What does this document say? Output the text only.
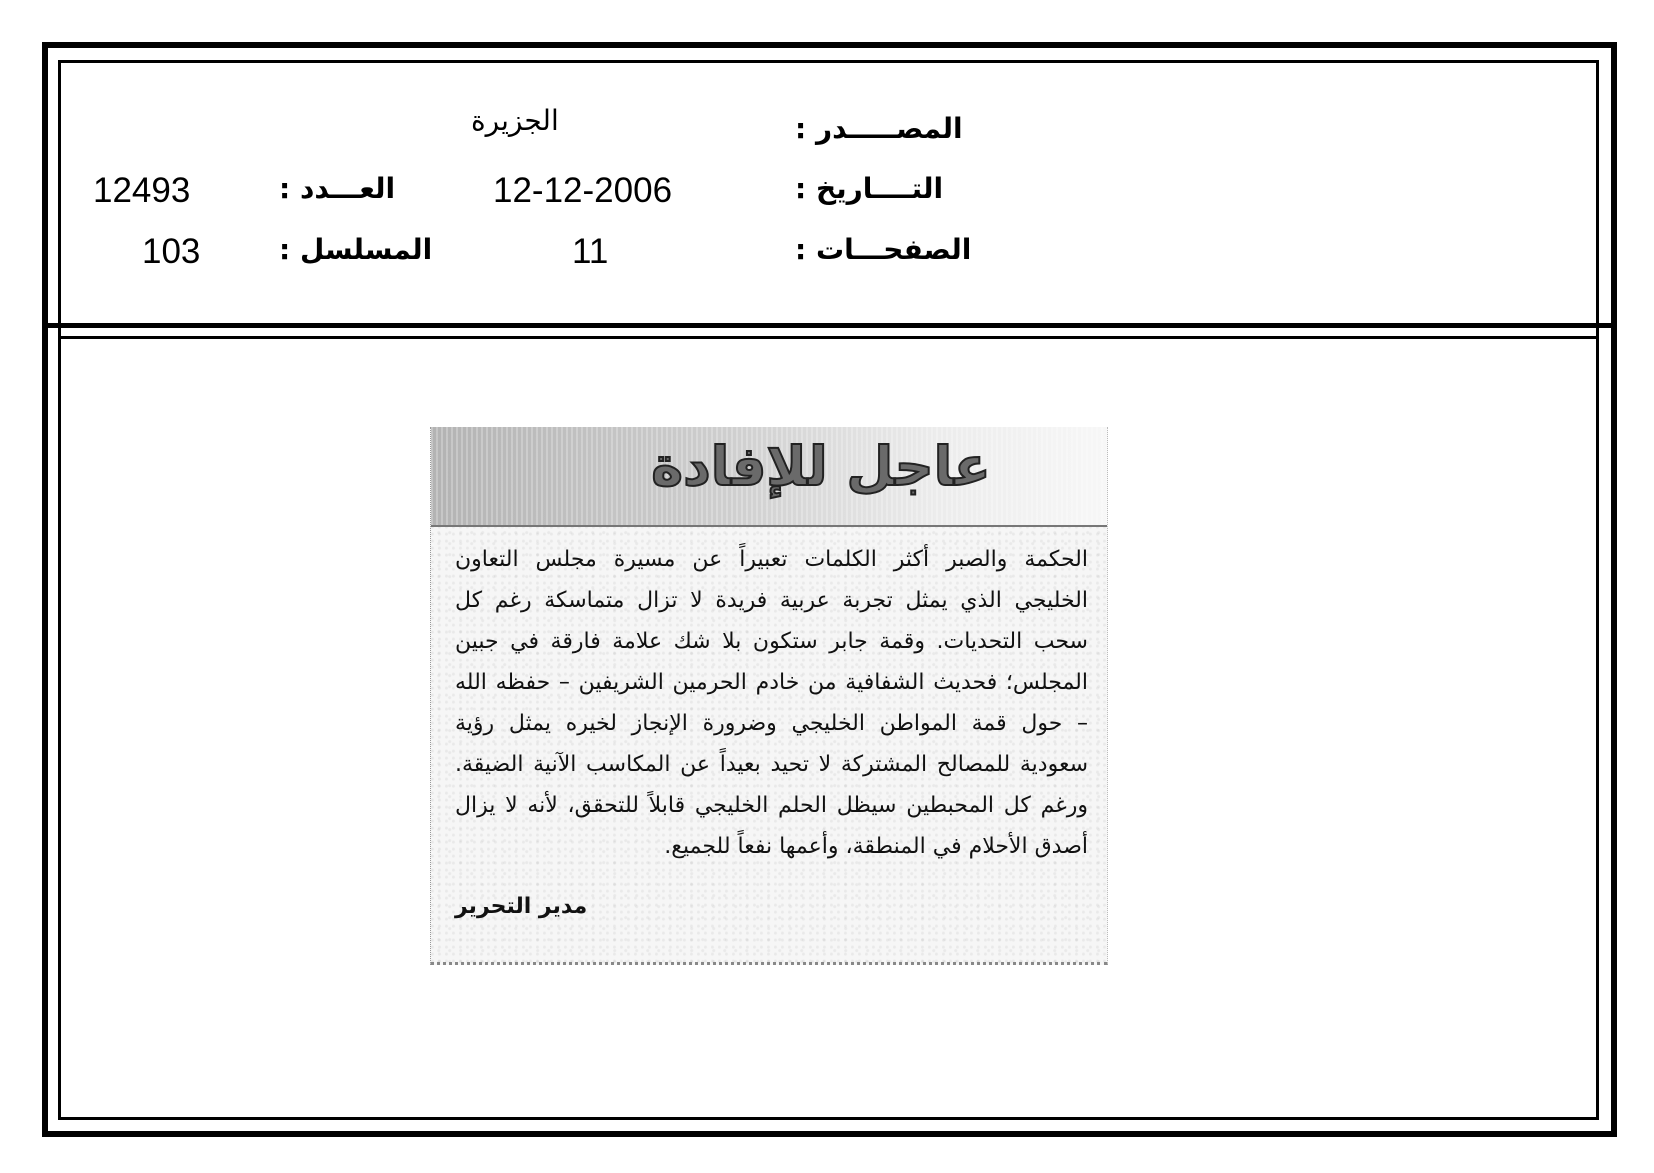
المصـــــدر :
الجزيرة
التــــاريخ :
12-12-2006
العـــدد :
12493
الصفحـــات :
11
المسلسل :
103
عاجل للإفادة
الحكمة والصبر أكثر الكلمات تعبيراً عن مسيرة مجلس التعاون الخليجي الذي يمثل تجربة عربية فريدة لا تزال متماسكة رغم كل سحب التحديات. وقمة جابر ستكون بلا شك علامة فارقة في جبين المجلس؛ فحديث الشفافية من خادم الحرمين الشريفين – حفظه الله – حول قمة المواطن الخليجي وضرورة الإنجاز لخيره يمثل رؤية سعودية للمصالح المشتركة لا تحيد بعيداً عن المكاسب الآنية الضيقة. ورغم كل المحبطين سيظل الحلم الخليجي قابلاً للتحقق، لأنه لا يزال أصدق الأحلام في المنطقة، وأعمها نفعاً للجميع.
مدير التحرير
